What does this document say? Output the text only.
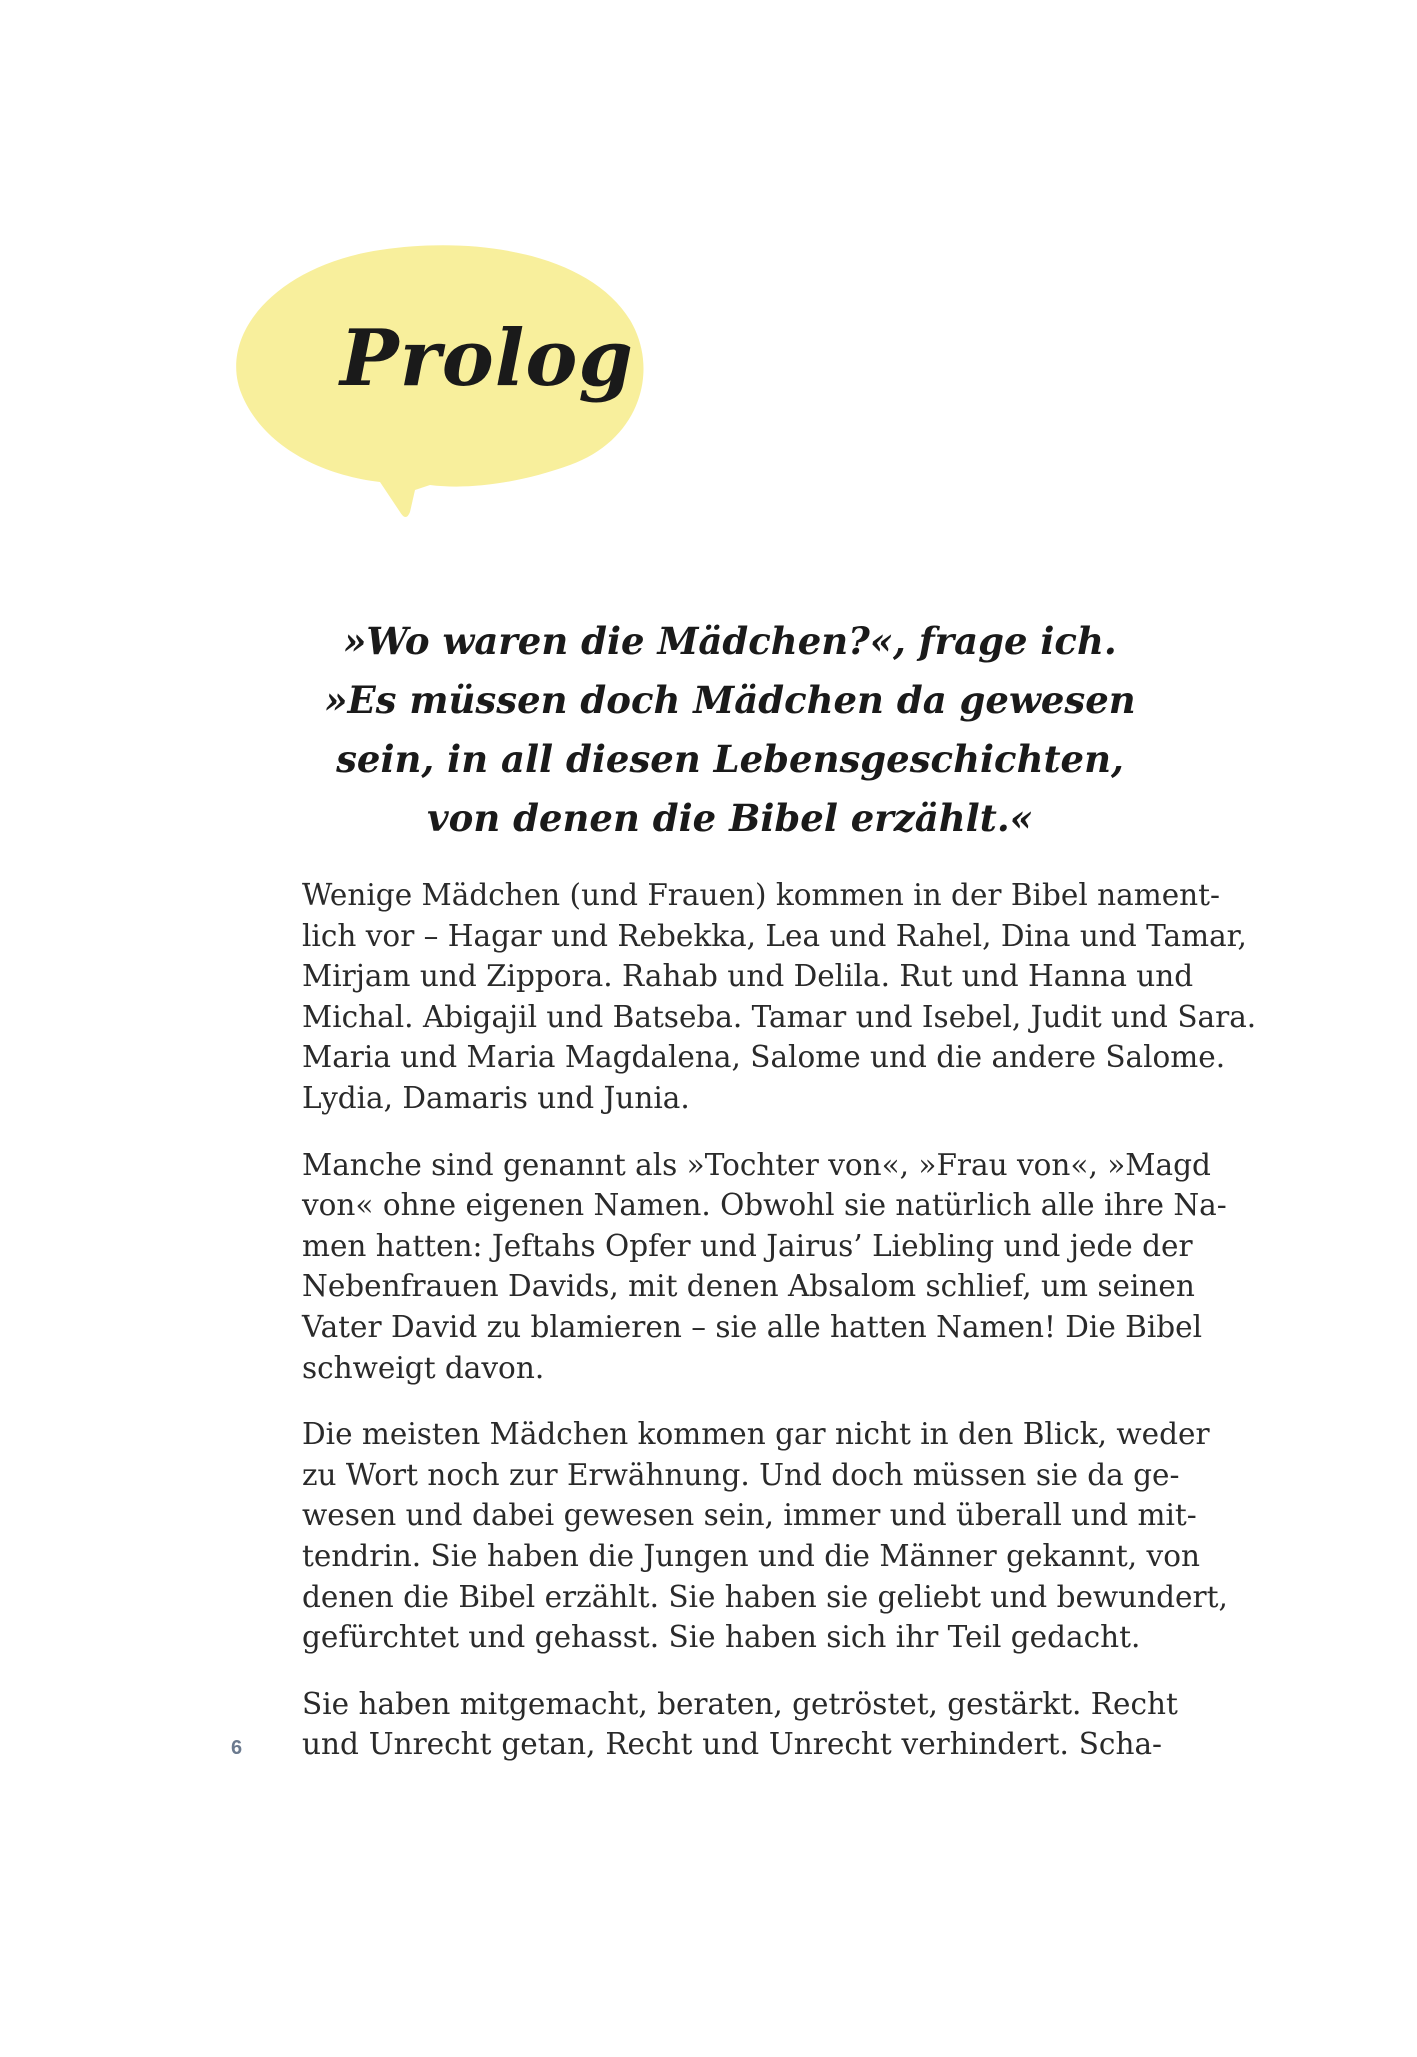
Prolog
»Wo waren die Mädchen?«, frage ich.
»Es müssen doch Mädchen da gewesen
sein, in all diesen Lebensgeschichten,
von denen die Bibel erzählt.«
Wenige Mädchen (und Frauen) kommen in der Bibel nament-
lich vor – Hagar und Rebekka, Lea und Rahel, Dina und Tamar,
Mirjam und Zippora. Rahab und Delila. Rut und Hanna und
Michal. Abigajil und Batseba. Tamar und Isebel, Judit und Sara.
Maria und Maria Magdalena, Salome und die andere Salome.
Lydia, Damaris und Junia.
Manche sind genannt als »Tochter von«, »Frau von«, »Magd
von« ohne eigenen Namen. Obwohl sie natürlich alle ihre Na-
men hatten: Jeftahs Opfer und Jairus’ Liebling und jede der
Nebenfrauen Davids, mit denen Absalom schlief, um seinen
Vater David zu blamieren – sie alle hatten Namen! Die Bibel
schweigt davon.
Die meisten Mädchen kommen gar nicht in den Blick, weder
zu Wort noch zur Erwähnung. Und doch müssen sie da ge-
wesen und dabei gewesen sein, immer und überall und mit-
tendrin. Sie haben die Jungen und die Männer gekannt, von
denen die Bibel erzählt. Sie haben sie geliebt und bewundert,
gefürchtet und gehasst. Sie haben sich ihr Teil gedacht.
Sie haben mitgemacht, beraten, getröstet, gestärkt. Recht
und Unrecht getan, Recht und Unrecht verhindert. Scha-
6
